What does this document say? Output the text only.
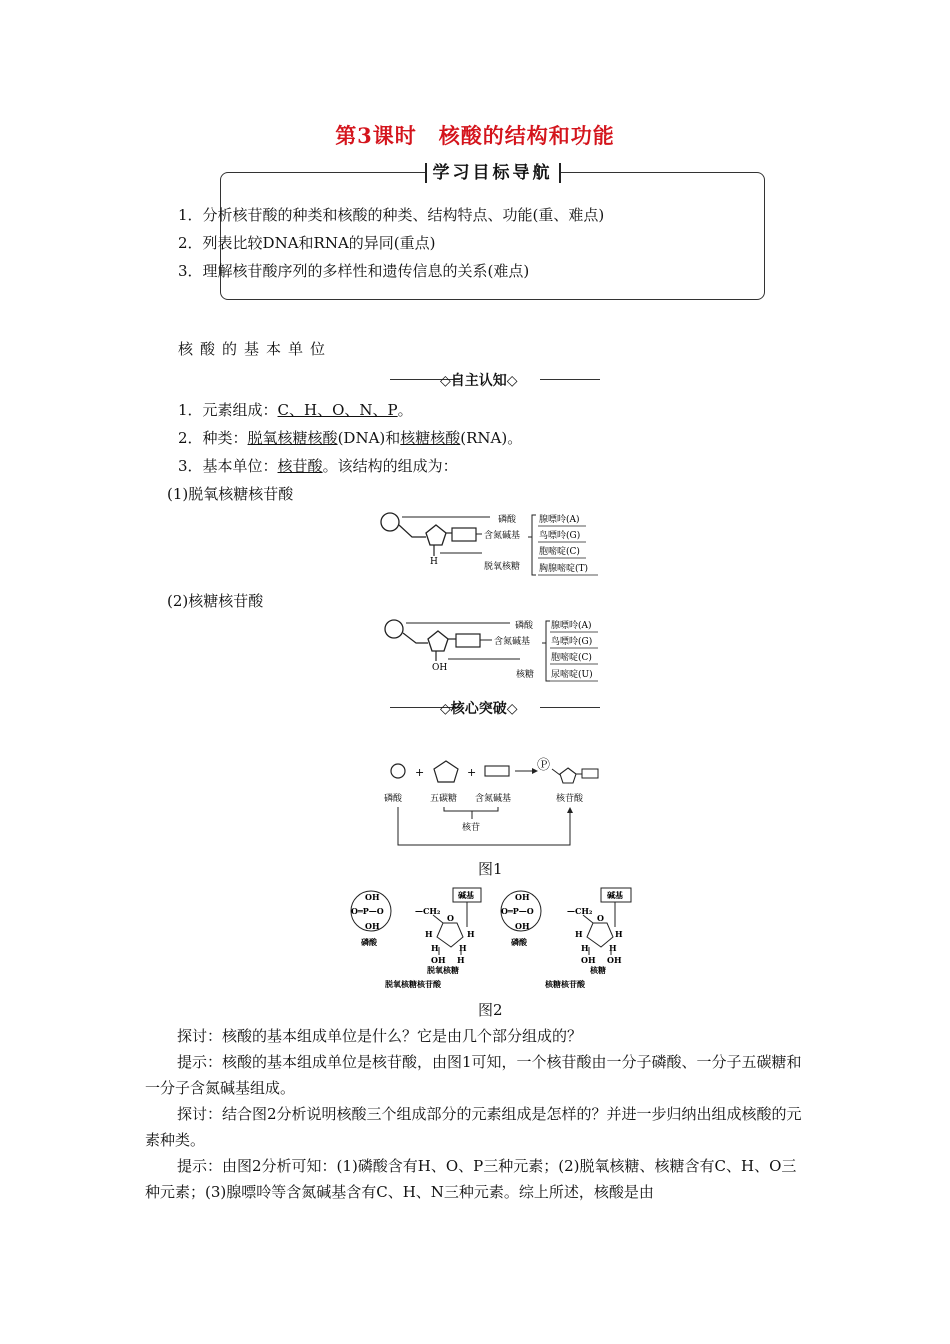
第3课时　核酸的结构和功能
学习目标导航
1．分析核苷酸的种类和核酸的种类、结构特点、功能(重、难点)
2．列表比较DNA和RNA的异同(重点)
3．理解核苷酸序列的多样性和遗传信息的关系(难点)
核酸的基本单位
◇自主认知◇
1．元素组成：C、H、O、N、P。
2．种类：脱氧核糖核酸(DNA)和核糖核酸(RNA)。
3．基本单位：核苷酸。该结构的组成为：
(1)脱氧核糖核苷酸
H
磷酸
含氮碱基
脱氧核糖
腺嘌呤(A)
鸟嘌呤(G)
胞嘧啶(C)
胸腺嘧啶(T)
(2)核糖核苷酸
OH
磷酸
含氮碱基
核糖
腺嘌呤(A)
鸟嘌呤(G)
胞嘧啶(C)
尿嘧啶(U)
◇核心突破◇
+	+	Ⓟ
磷酸	五碳糖 含氮碱基	核苷酸
核苷
图1
OH
O═P—O
OH
磷酸
—CH₂
碱基
O
H	H
H	H
OH H
脱氧核糖
脱氧核糖核苷酸
OH
O═P—O
OH
磷酸
—CH₂
碱基
O
H	H
H	H
OH OH
核糖
核糖核苷酸
图2

探讨：核酸的基本组成单位是什么？它是由几个部分组成的？

提示：核酸的基本组成单位是核苷酸，由图1可知，一个核苷酸由一分子磷酸、一分子五碳糖和一分子含氮碱基组成。

探讨：结合图2分析说明核酸三个组成部分的元素组成是怎样的？并进一步归纳出组成核酸的元素种类。

提示：由图2分析可知：(1)磷酸含有H、O、P三种元素；(2)脱氧核糖、核糖含有C、H、O三种元素；(3)腺嘌呤等含氮碱基含有C、H、N三种元素。综上所述，核酸是由
